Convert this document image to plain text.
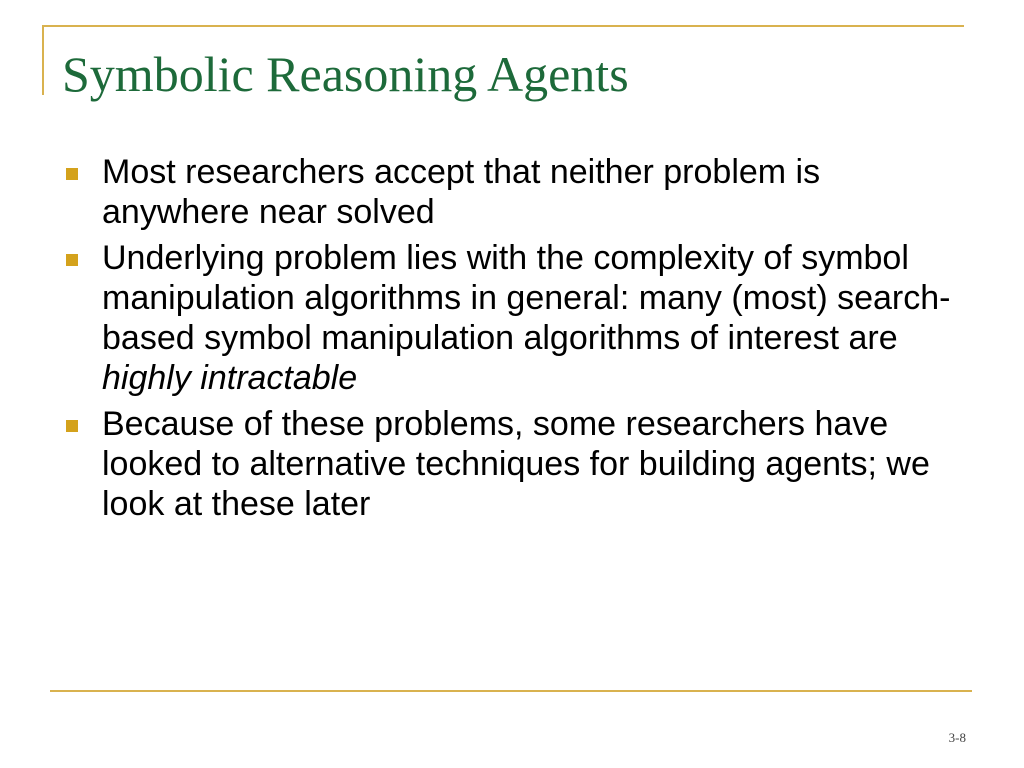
Symbolic Reasoning Agents
Most researchers accept that neither problem is anywhere near solved
Underlying problem lies with the complexity of symbol manipulation algorithms in general: many (most) search-based symbol manipulation algorithms of interest are highly intractable
Because of these problems, some researchers have looked to alternative techniques for building agents; we look at these later
3-8
